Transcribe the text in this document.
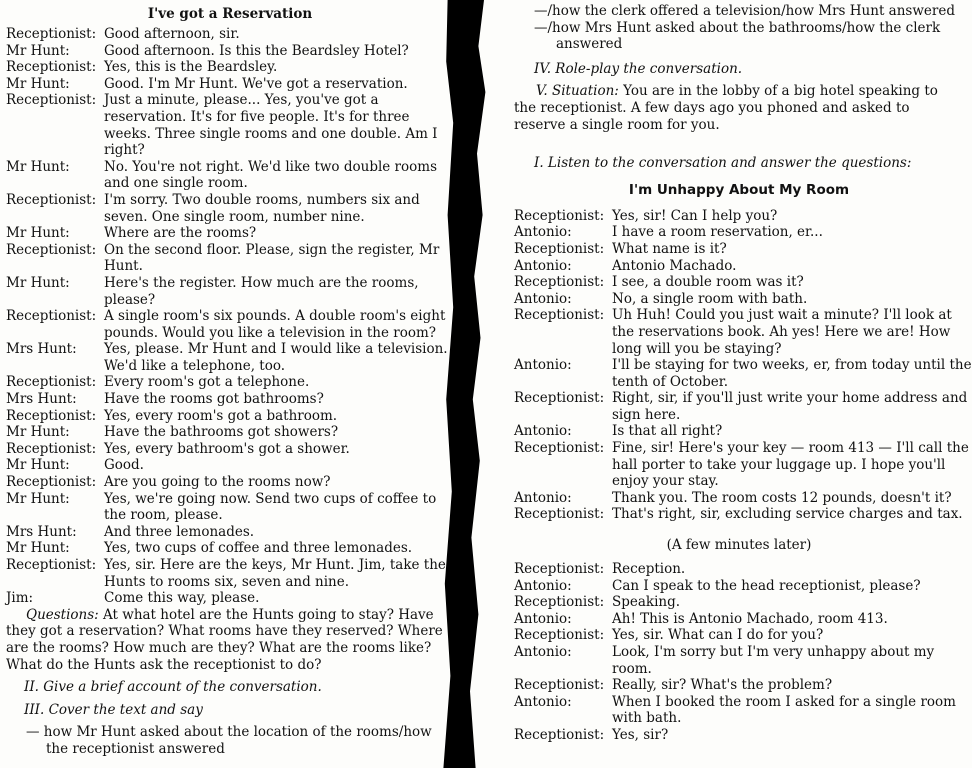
I've got a Reservation

Receptionist: Good afternoon, sir.
Mr Hunt:	Good afternoon. Is this the Beardsley Hotel?
Receptionist: Yes, this is the Beardsley.
Mr Hunt:	Good. I'm Mr Hunt. We've got a reservation.
Receptionist: Just a minute, please... Yes, you've got a reservation. It's for five people. It's for three weeks. Three single rooms and one double. Am I right?
Mr Hunt:	No. You're not right. We'd like two double rooms and one single room.
Receptionist: I'm sorry. Two double rooms, numbers six and seven. One single room, number nine.
Mr Hunt:	Where are the rooms?
Receptionist: On the second floor. Please, sign the register, Mr Hunt.
Mr Hunt:	Here's the register. How much are the rooms, please?
Receptionist: A single room's six pounds. A double room's eight pounds. Would you like a television in the room?
Mrs Hunt:	Yes, please. Mr Hunt and I would like a television. We'd like a telephone, too.
Receptionist: Every room's got a telephone.
Mrs Hunt:	Have the rooms got bathrooms?
Receptionist: Yes, every room's got a bathroom.
Mr Hunt:	Have the bathrooms got showers?
Receptionist: Yes, every bathroom's got a shower.
Mr Hunt:	Good.
Receptionist: Are you going to the rooms now?
Mr Hunt:	Yes, we're going now. Send two cups of coffee to the room, please.
Mrs Hunt:	And three lemonades.
Mr Hunt:	Yes, two cups of coffee and three lemonades.
Receptionist: Yes, sir. Here are the keys, Mr Hunt. Jim, take the Hunts to rooms six, seven and nine.
Jim:	Come this way, please.

Questions: At what hotel are the Hunts going to stay? Have they got a reservation? What rooms have they reserved? Where are the rooms? How much are they? What are the rooms like? What do the Hunts ask the receptionist to do?

II. Give a brief account of the conversation.

III. Cover the text and say

— how Mr Hunt asked about the location of the rooms/how the receptionist answered

—/how the clerk offered a television/how Mrs Hunt answered
—/how Mrs Hunt asked about the bathrooms/how the clerk answered

IV. Role-play the conversation.

V. Situation: You are in the lobby of a big hotel speaking to the receptionist. A few days ago you phoned and asked to reserve a single room for you.

I. Listen to the conversation and answer the questions:

I'm Unhappy About My Room

Receptionist: Yes, sir! Can I help you?
Antonio:	I have a room reservation, er...
Receptionist: What name is it?
Antonio:	Antonio Machado.
Receptionist: I see, a double room was it?
Antonio:	No, a single room with bath.
Receptionist: Uh Huh! Could you just wait a minute? I'll look at the reservations book. Ah yes! Here we are! How long will you be staying?
Antonio:	I'll be staying for two weeks, er, from today until the tenth of October.
Receptionist: Right, sir, if you'll just write your home address and sign here.
Antonio:	Is that all right?
Receptionist: Fine, sir! Here's your key — room 413 — I'll call the hall porter to take your luggage up. I hope you'll enjoy your stay.
Antonio:	Thank you. The room costs 12 pounds, doesn't it?
Receptionist: That's right, sir, excluding service charges and tax.

(A few minutes later)

Receptionist: Reception.
Antonio:	Can I speak to the head receptionist, please?
Receptionist: Speaking.
Antonio:	Ah! This is Antonio Machado, room 413.
Receptionist: Yes, sir. What can I do for you?
Antonio:	Look, I'm sorry but I'm very unhappy about my room.
Receptionist: Really, sir? What's the problem?
Antonio:	When I booked the room I asked for a single room with bath.
Receptionist: Yes, sir?
